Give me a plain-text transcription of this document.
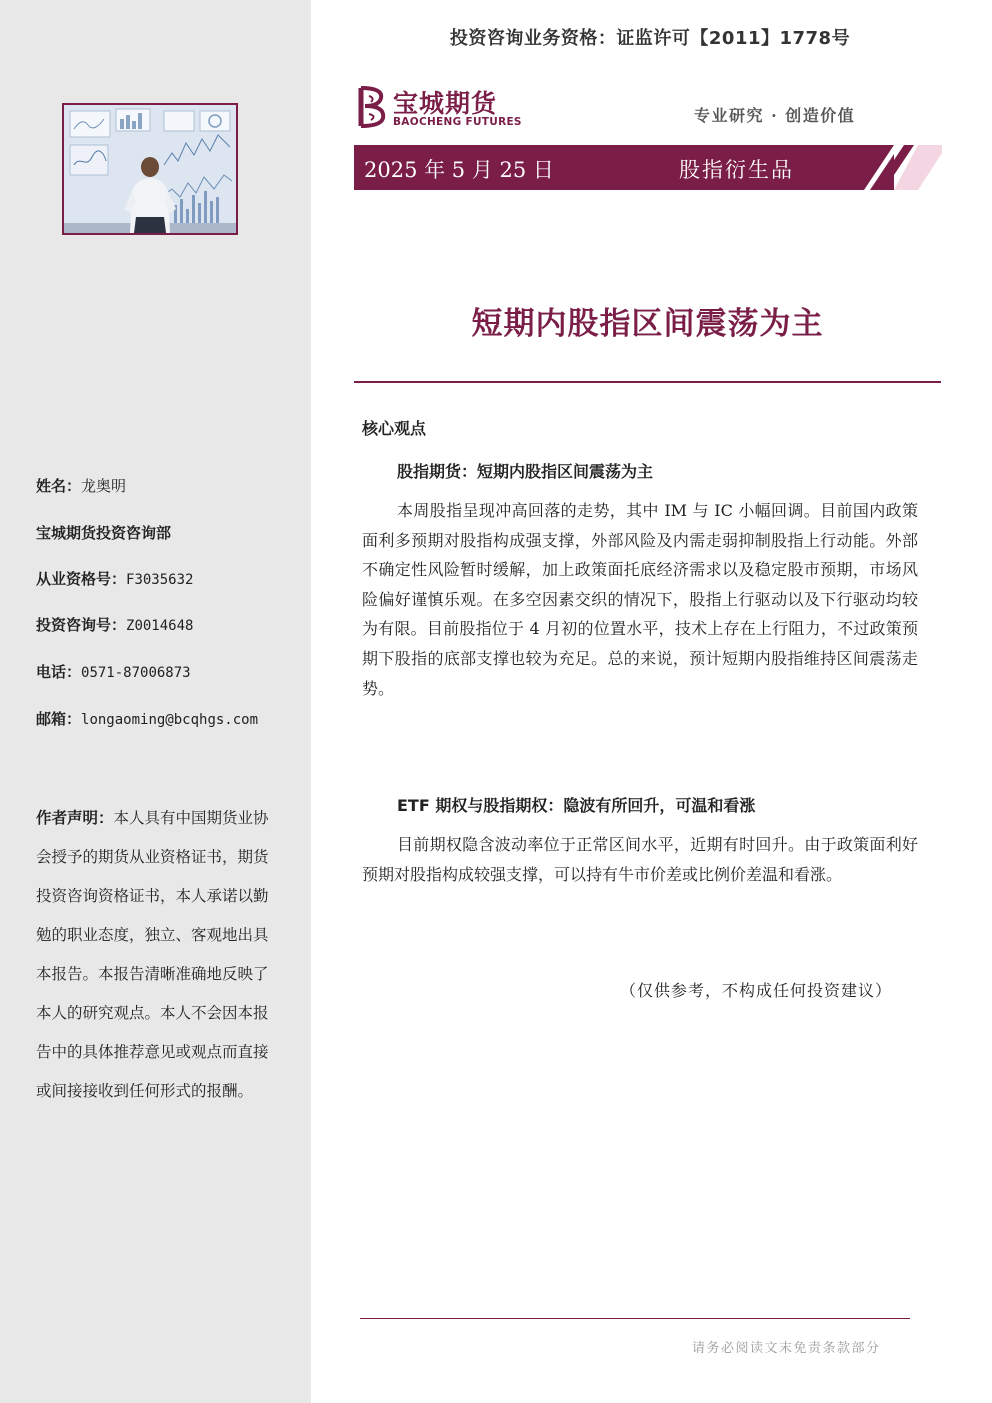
姓名：龙奥明
宝城期货投资咨询部
从业资格号：F3035632
投资咨询号：Z0014648
电话：0571-87006873
邮箱：longaoming@bcqhgs.com
作者声明：本人具有中国期货业协会授予的期货从业资格证书，期货投资咨询资格证书，本人承诺以勤勉的职业态度，独立、客观地出具本报告。本报告清晰准确地反映了本人的研究观点。本人不会因本报告中的具体推荐意见或观点而直接或间接接收到任何形式的报酬。
投资咨询业务资格：证监许可【2011】1778号
宝城期货
BAOCHENG FUTURES	专业研究 · 创造价值
2025 年 5 月 25 日	股指衍生品
短期内股指区间震荡为主
核心观点
股指期货：短期内股指区间震荡为主
本周股指呈现冲高回落的走势，其中 IM 与 IC 小幅回调。目前国内政策面利多预期对股指构成强支撑，外部风险及内需走弱抑制股指上行动能。外部不确定性风险暂时缓解，加上政策面托底经济需求以及稳定股市预期，市场风险偏好谨慎乐观。在多空因素交织的情况下，股指上行驱动以及下行驱动均较为有限。目前股指位于 4 月初的位置水平，技术上存在上行阻力，不过政策预期下股指的底部支撑也较为充足。总的来说，预计短期内股指维持区间震荡走势。
ETF 期权与股指期权：隐波有所回升，可温和看涨
目前期权隐含波动率位于正常区间水平，近期有时回升。由于政策面利好预期对股指构成较强支撑，可以持有牛市价差或比例价差温和看涨。
（仅供参考，不构成任何投资建议）
请务必阅读文末免责条款部分
